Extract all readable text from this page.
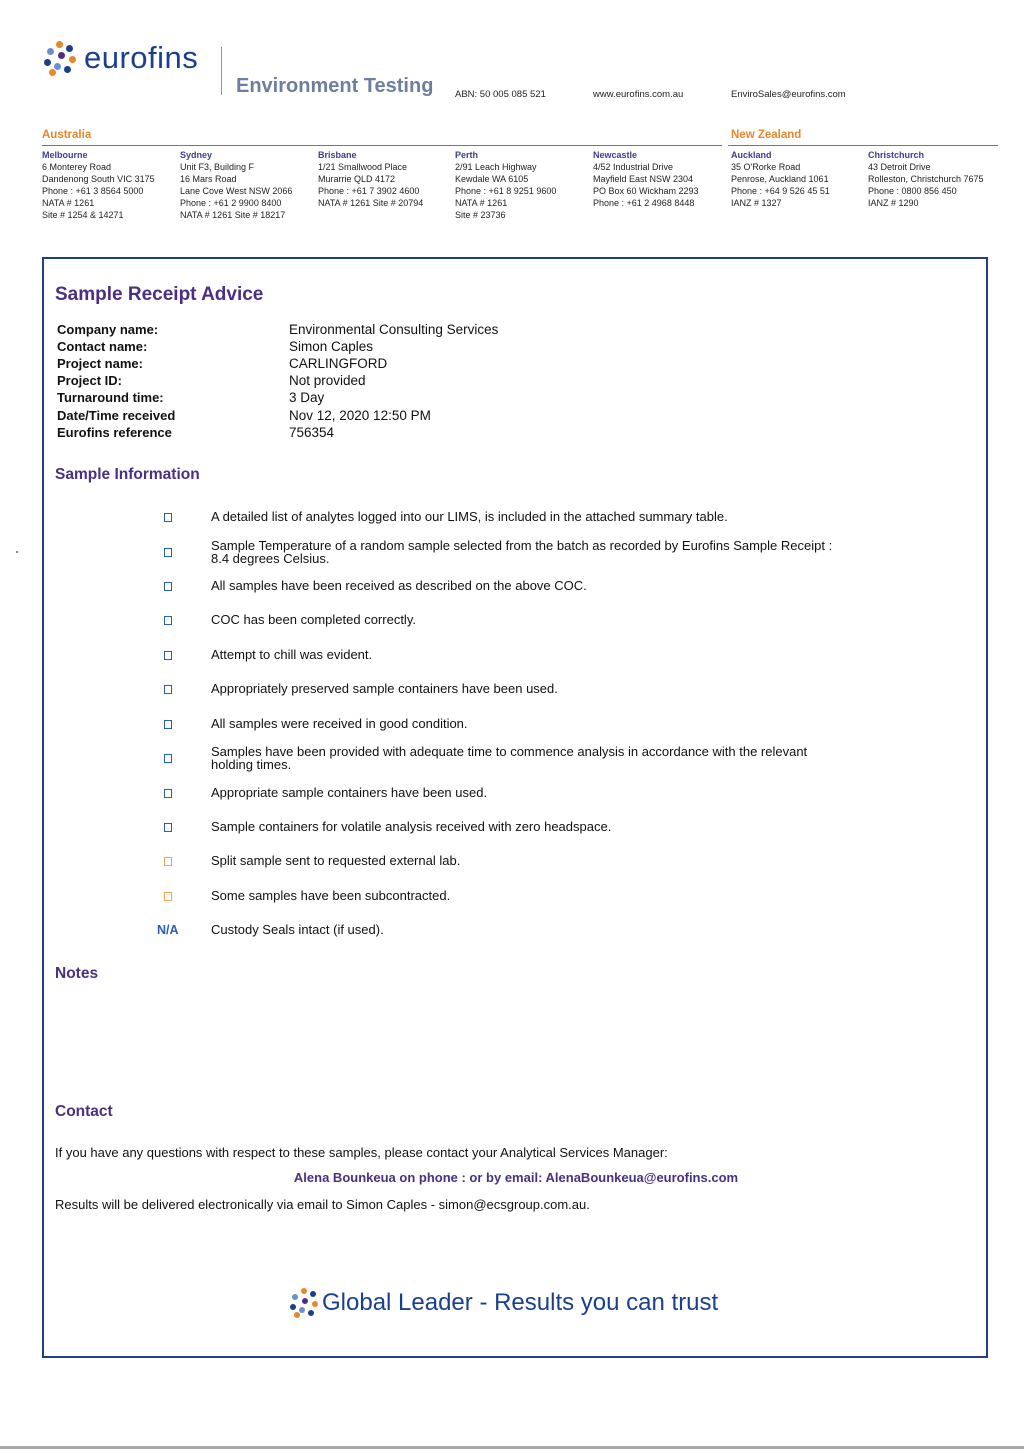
eurofins
Environment Testing ABN: 50 005 085 521	www.eurofins.com.au	EnviroSales@eurofins.com
Australia	New Zealand
Melbourne
6 Monterey Road
Dandenong South VIC 3175
Phone : +61 3 8564 5000
NATA # 1261
Site # 1254 & 14271
Sydney
Unit F3, Building F
16 Mars Road
Lane Cove West NSW 2066
Phone : +61 2 9900 8400
NATA # 1261 Site # 18217
Brisbane
1/21 Smallwood Place
Murarrie QLD 4172
Phone : +61 7 3902 4600
NATA # 1261 Site # 20794
Perth
2/91 Leach Highway
Kewdale WA 6105
Phone : +61 8 9251 9600
NATA # 1261
Site # 23736
Newcastle
4/52 Industrial Drive
Mayfield East NSW 2304
PO Box 60 Wickham 2293
Phone : +61 2 4968 8448
Auckland
35 O'Rorke Road
Penrose, Auckland 1061
Phone : +64 9 526 45 51
IANZ # 1327
Christchurch
43 Detroit Drive
Rolleston, Christchurch 7675
Phone : 0800 856 450
IANZ # 1290
Sample Receipt Advice
Company name:	Environmental Consulting Services
Contact name:	Simon Caples
Project name:	CARLINGFORD
Project ID:	Not provided
Turnaround time:	3 Day
Date/Time received	Nov 12, 2020 12:50 PM
Eurofins reference	756354
Sample Information
A detailed list of analytes logged into our LIMS, is included in the attached summary table.
Sample Temperature of a random sample selected from the batch as recorded by Eurofins Sample Receipt :
8.4 degrees Celsius.
All samples have been received as described on the above COC.
COC has been completed correctly.
Attempt to chill was evident.
Appropriately preserved sample containers have been used.
All samples were received in good condition.
Samples have been provided with adequate time to commence analysis in accordance with the relevant
holding times.
Appropriate sample containers have been used.
Sample containers for volatile analysis received with zero headspace.
Split sample sent to requested external lab.
Some samples have been subcontracted.
N/A Custody Seals intact (if used).
Notes
Contact
If you have any questions with respect to these samples, please contact your Analytical Services Manager:
Alena Bounkeua on phone : or by email: AlenaBounkeua@eurofins.com
Results will be delivered electronically via email to Simon Caples - simon@ecsgroup.com.au.
Global Leader - Results you can trust
